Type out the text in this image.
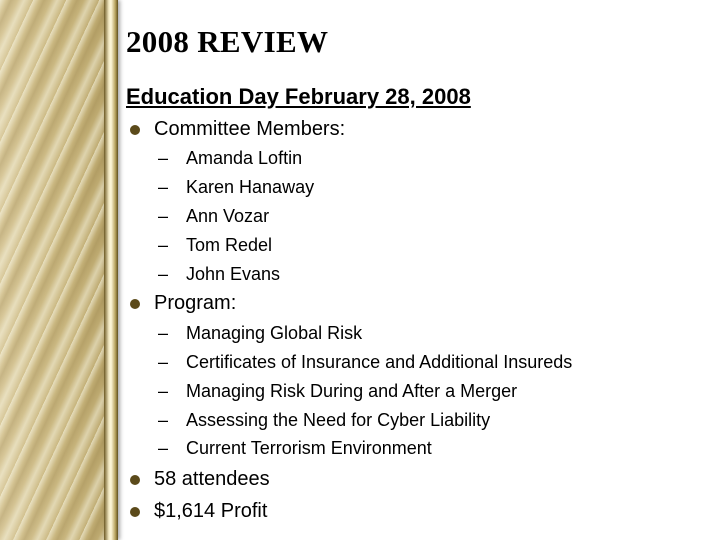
2008 REVIEW
Education Day February 28, 2008
Committee Members:
– Amanda Loftin
– Karen Hanaway
– Ann Vozar
– Tom Redel
– John Evans
Program:
– Managing Global Risk
– Certificates of Insurance and Additional Insureds
– Managing Risk During and After a Merger
– Assessing the Need for Cyber Liability
– Current Terrorism Environment
58 attendees
$1,614 Profit
